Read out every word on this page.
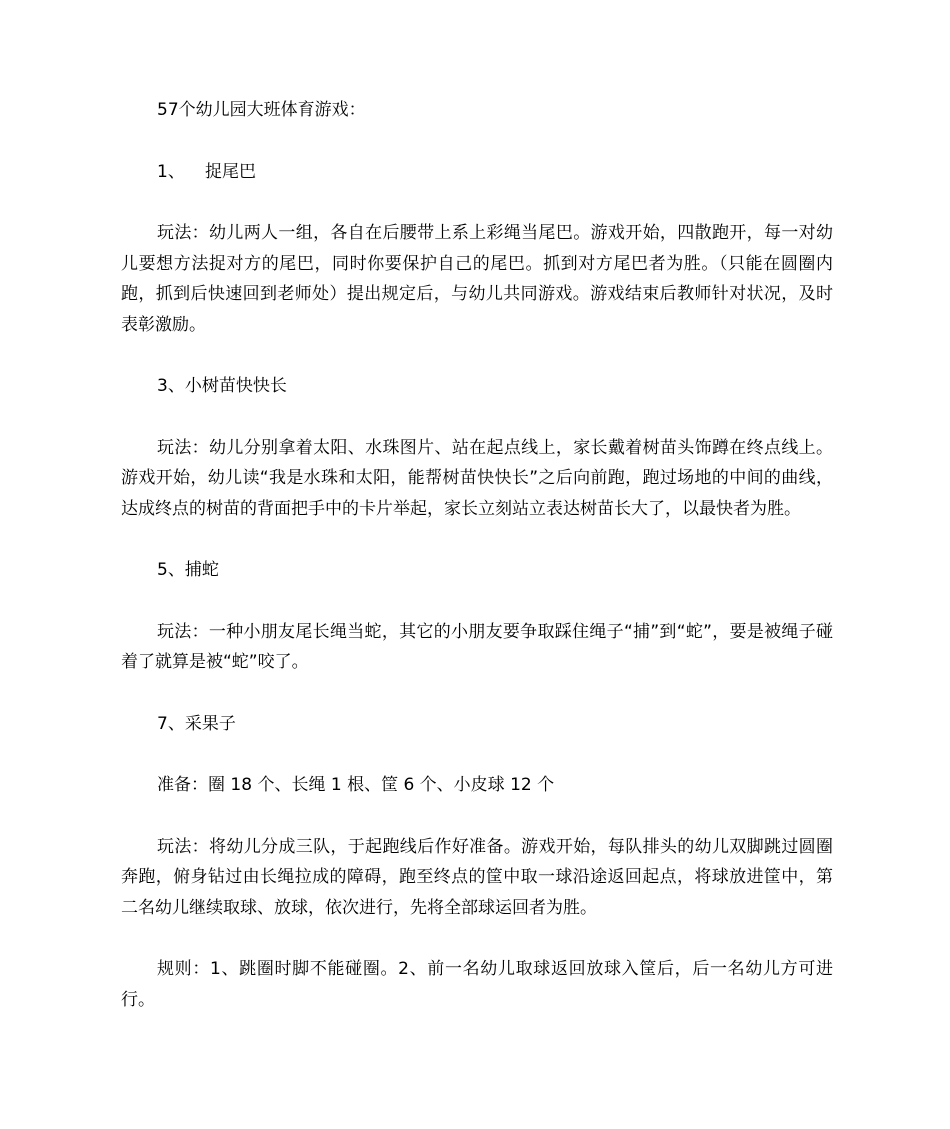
57个幼儿园大班体育游戏：

1、	捉尾巴

玩法：幼儿两人一组，各自在后腰带上系上彩绳当尾巴。游戏开始，四散跑开，每一对幼儿要想方法捉对方的尾巴，同时你要保护自己的尾巴。抓到对方尾巴者为胜。（只能在圆圈内跑，抓到后快速回到老师处）提出规定后，与幼儿共同游戏。游戏结束后教师针对状况，及时表彰激励。

3、小树苗快快长

玩法：幼儿分别拿着太阳、水珠图片、站在起点线上，家长戴着树苗头饰蹲在终点线上。游戏开始，幼儿读“我是水珠和太阳，能帮树苗快快长”之后向前跑，跑过场地的中间的曲线，达成终点的树苗的背面把手中的卡片举起，家长立刻站立表达树苗长大了，以最快者为胜。

5、捕蛇

玩法：一种小朋友尾长绳当蛇，其它的小朋友要争取踩住绳子“捕”到“蛇”，要是被绳子碰着了就算是被“蛇”咬了。

7、采果子

准备：圈 18 个、长绳 1 根、筐 6 个、小皮球 12 个

玩法：将幼儿分成三队，于起跑线后作好准备。游戏开始，每队排头的幼儿双脚跳过圆圈奔跑，俯身钻过由长绳拉成的障碍，跑至终点的筐中取一球沿途返回起点，将球放进筐中，第二名幼儿继续取球、放球，依次进行，先将全部球运回者为胜。

规则：1、跳圈时脚不能碰圈。2、前一名幼儿取球返回放球入筐后，后一名幼儿方可进行。
